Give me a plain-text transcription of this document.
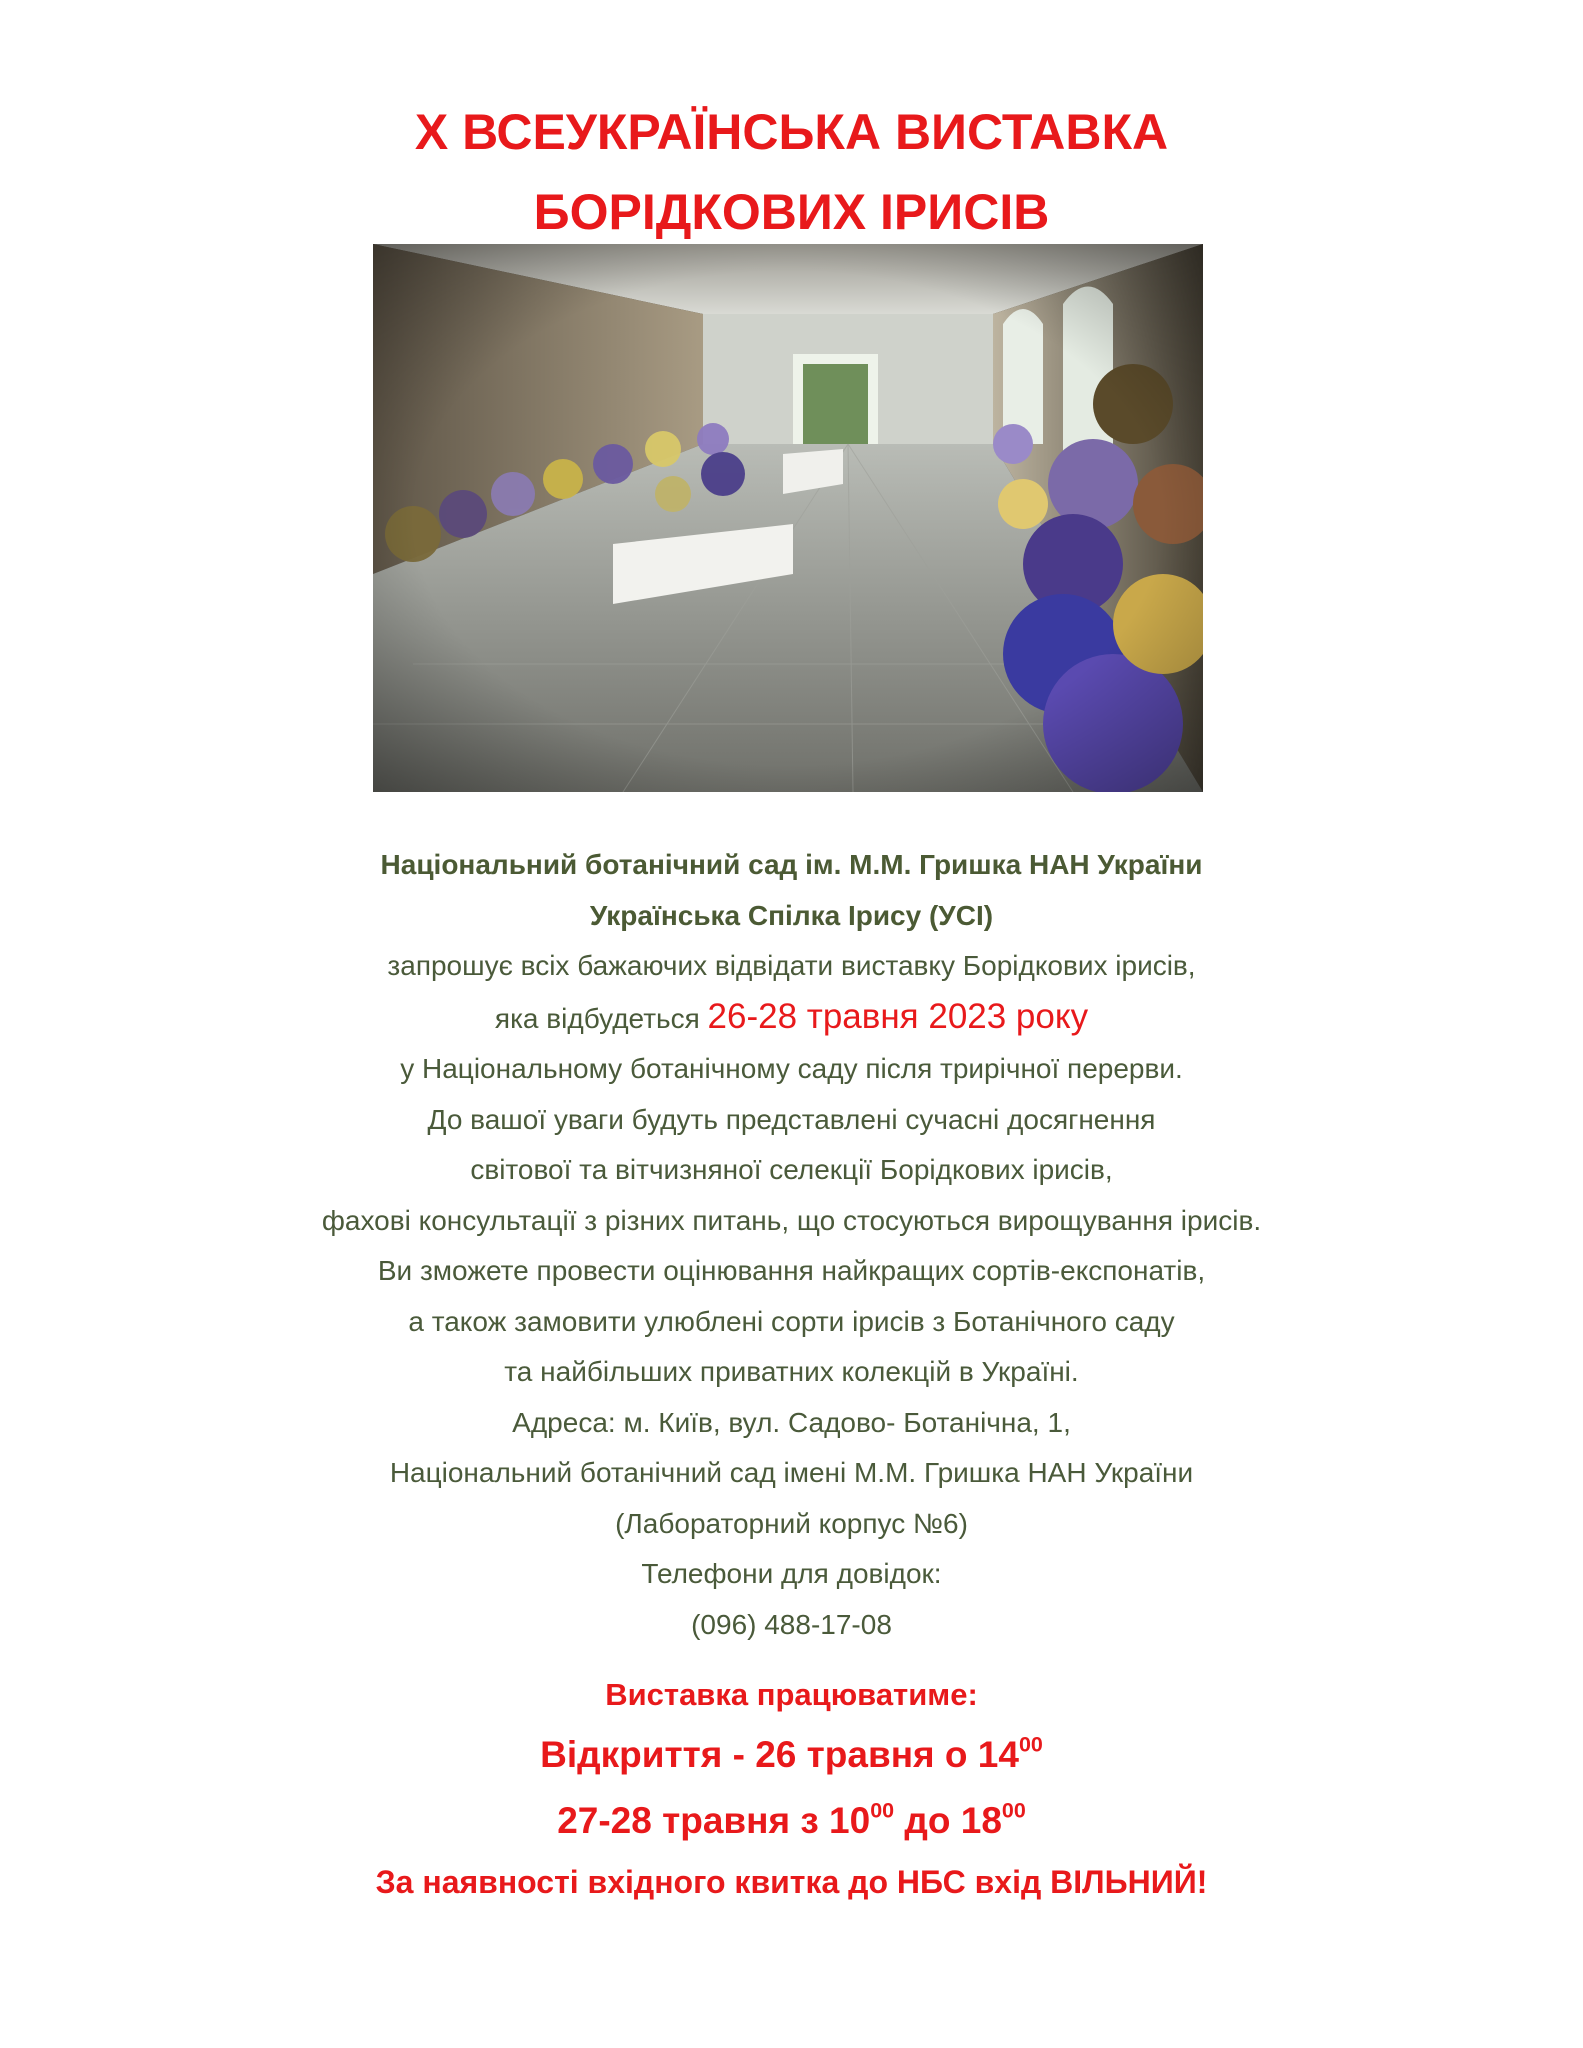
X ВСЕУКРАЇНСЬКА ВИСТАВКА
БОРІДКОВИХ ІРИСІВ
Національний ботанічний сад ім. М.М. Гришка НАН України
Українська Спілка Ірису (УСІ)
запрошує всіх бажаючих відвідати виставку Борідкових ірисів,
яка відбудеться 26-28 травня 2023 року
у Національному ботанічному саду після трирічної перерви.
До вашої уваги будуть представлені сучасні досягнення
світової та вітчизняної селекції Борідкових ірисів,
фахові консультації з різних питань, що стосуються вирощування ірисів.
Ви зможете провести оцінювання найкращих сортів-експонатів,
а також замовити улюблені сорти ірисів з Ботанічного саду
та найбільших приватних колекцій в Україні.
Адреса: м. Київ, вул. Садово- Ботанічна, 1,
Національний ботанічний сад імені М.М. Гришка НАН України
(Лабораторний корпус №6)
Телефони для довідок:
(096) 488-17-08
Виставка працюватиме:
Відкриття - 26 травня о $14^{00}$
27-28 травня з $10^{00}$ до $18^{00}$
За наявності вхідного квитка до НБС вхід ВІЛЬНИЙ!
